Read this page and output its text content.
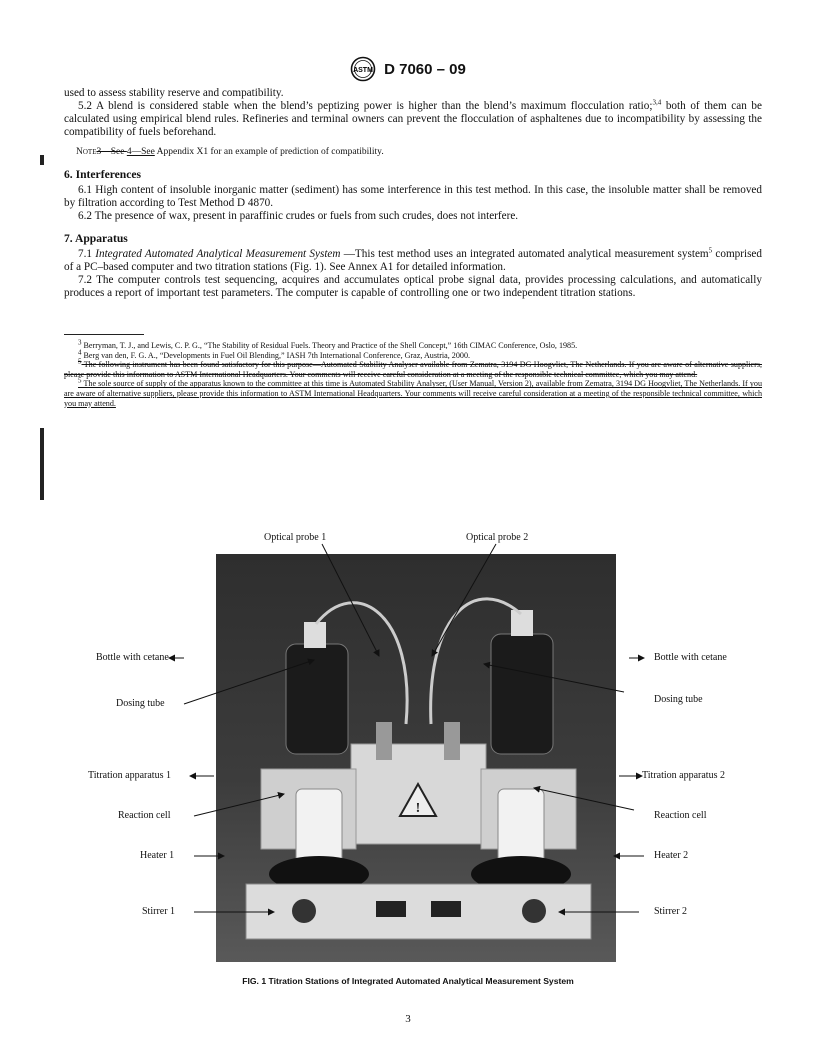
ASTM D 7060 – 09

used to assess stability reserve and compatibility.

5.2 A blend is considered stable when the blend’s peptizing power is higher than the blend’s maximum flocculation ratio;$^{3,4}$ both of them can be calculated using empirical blend rules. Refineries and terminal owners can prevent the flocculation of asphaltenes due to incompatibility by assessing the compatibility of fuels beforehand.

Note3—See 4—See Appendix X1 for an example of prediction of compatibility.

6. Interferences

6.1 High content of insoluble inorganic matter (sediment) has some interference in this test method. In this case, the insoluble matter shall be removed by filtration according to Test Method D 4870.

6.2 The presence of wax, present in paraffinic crudes or fuels from such crudes, does not interfere.

7. Apparatus

7.1 Integrated Automated Analytical Measurement System —This test method uses an integrated automated analytical measurement system$^5$ comprised of a PC–based computer and two titration stations (Fig. 1). See Annex A1 for detailed information.

7.2 The computer controls test sequencing, acquires and accumulates optical probe signal data, provides processing calculations, and automatically produces a report of important test parameters. The computer is capable of controlling one or two independent titration stations.

$^3$ Berryman, T. J., and Lewis, C. P. G., “The Stability of Residual Fuels. Theory and Practice of the Shell Concept,” 16th CIMAC Conference, Oslo, 1985.

$^4$ Berg van den, F. G. A., “Developments in Fuel Oil Blending,” IASH 7th International Conference, Graz, Austria, 2000.

$^5$ The following instrument has been found satisfactory for this purpose—Automated Stability Analyser available from Zematra, 3194 DG Hoogvliet, The Netherlands. If you are aware of alternative suppliers, please provide this information to ASTM International Headquarters. Your comments will receive careful consideration at a meeting of the responsible technical committee, which you may attend.

$^5$ The sole source of supply of the apparatus known to the committee at this time is Automated Stability Analyser, (User Manual, Version 2), available from Zematra, 3194 DG Hoogvliet, The Netherlands. If you are aware of alternative suppliers, please provide this information to ASTM International Headquarters. Your comments will receive careful consideration at a meeting of the responsible technical committee, which you may attend.

!
Optical probe 1	Optical probe 2
Bottle with cetane	Bottle with cetane
Dosing tube	Dosing tube
Titration apparatus 1	Titration apparatus 2
Reaction cell	Reaction cell
Heater 1	Heater 2
Stirrer 1	Stirrer 2
FIG. 1 Titration Stations of Integrated Automated Analytical Measurement System
3
